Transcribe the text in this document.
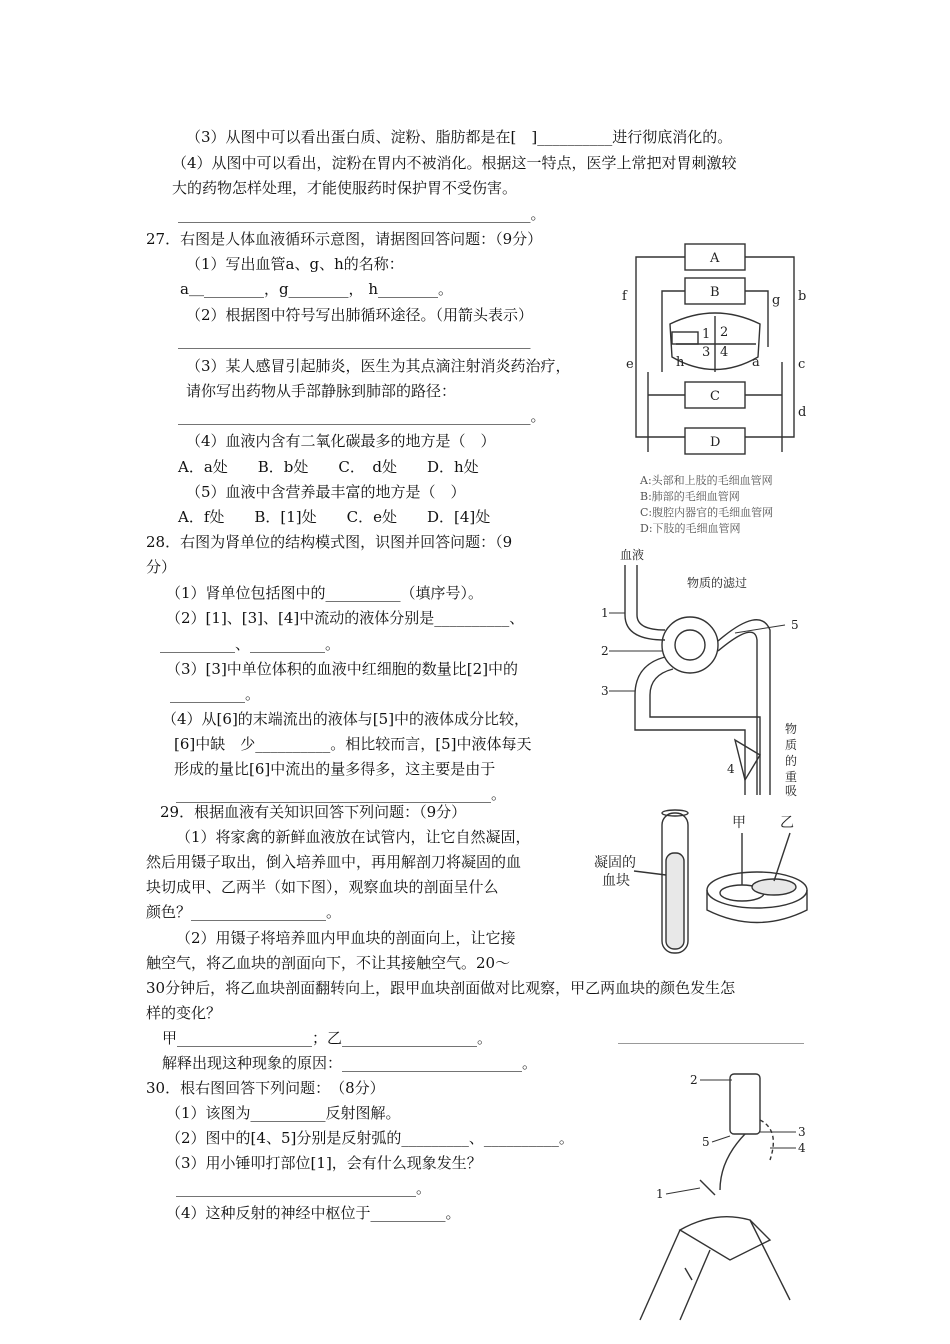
（3）从图中可以看出蛋白质、淀粉、脂肪都是在[　]__________进行彻底消化的。
（4）从图中可以看出，淀粉在胃内不被消化。根据这一特点，医学上常把对胃刺激较
大的药物怎样处理，才能使服药时保护胃不受伤害。
_______________________________________________。
27．右图是人体血液循环示意图，请据图回答问题：（9分）
（1）写出血管a、g、h的名称：
a＿________，g________， h________。
（2）根据图中符号写出肺循环途径。（用箭头表示）
_______________________________________________
（3）某人感冒引起肺炎，医生为其点滴注射消炎药治疗，
请你写出药物从手部静脉到肺部的路径：
_______________________________________________。
（4）血液内含有二氧化碳最多的地方是（　）
A．a处　　B．b处　　C．　d处　　D．h处
（5）血液中含营养最丰富的地方是（　）
A．f处　　B．[1]处　　C．e处　　D．[4]处
28．右图为肾单位的结构模式图，识图并回答问题：（9
分）
（1）肾单位包括图中的__________（填序号）。
（2）[1]、[3]、[4]中流动的液体分别是__________、
__________、__________。
（3）[3]中单位体积的血液中红细胞的数量比[2]中的
__________。
（4）从[6]的末端流出的液体与[5]中的液体成分比较，
[6]中缺　少__________。相比较而言，[5]中液体每天
形成的量比[6]中流出的量多得多，这主要是由于
__________________________________________。
29．根据血液有关知识回答下列问题：（9分）
（1）将家禽的新鲜血液放在试管内，让它自然凝固，
然后用镊子取出，倒入培养皿中，再用解剖刀将凝固的血
块切成甲、乙两半（如下图），观察血块的剖面呈什么
颜色？__________________。
（2）用镊子将培养皿内甲血块的剖面向上，让它接
触空气，将乙血块的剖面向下，不让其接触空气。20～
30分钟后，将乙血块剖面翻转向上，跟甲血块剖面做对比观察，甲乙两血块的颜色发生怎
样的变化？
甲__________________；乙__________________。
解释出现这种现象的原因：________________________。
30．根右图回答下列问题：　（8分）
（1）该图为__________反射图解。
（2）图中的[4、5]分别是反射弧的_________、__________。
（3）用小锤叩打部位[1]，会有什么现象发生？
________________________________。
（4）这种反射的神经中枢位于__________。
A
B
C
D
f	g b
e	h	a	c
d
1 2
3 4
A:头部和上肢的毛细血管网
B:肺部的毛细血管网
C:腹腔内器官的毛细血管网
D:下肢的毛细血管网
血液
物质的滤过
物
质
的
重
吸
1
2
3
4
5
凝固的
血块
甲 乙
2
3
4
5
1
